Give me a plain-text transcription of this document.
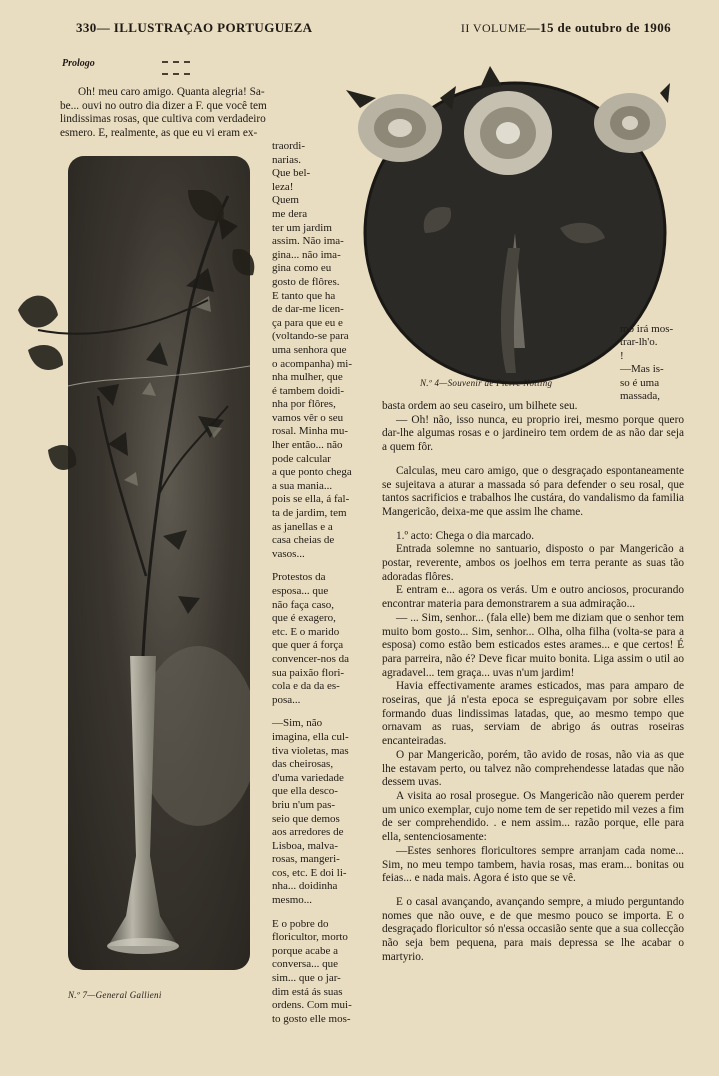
330— ILLUSTRAÇAO PORTUGUEZA	II VOLUME—15 de outubro de 1906
Prologo

Oh! meu caro amigo. Quanta alegria! Sa-

be... ouvi no outro dia dizer a F. que você tem

lindissimas rosas, que cultiva com verdadeiro

esmero. E, realmente, as que eu vi eram ex-

N.º 7—General Gallieni

traordi-

narias.

Que bel-

leza!

Quem

me dera

ter um jardim

assim. Não ima-

gina... não ima-

gina como eu

gosto de flôres.

E tanto que ha

de dar-me licen-

ça para que eu e

(voltando-se para

uma senhora que

o acompanha) mi-

nha mulher, que

é tambem doidi-

nha por flôres,

vamos vêr o seu

rosal. Minha mu-

lher então... não

pode calcular

a que ponto chega

a sua mania...

pois se ella, á fal-

ta de jardim, tem

as janellas e a

casa cheias de

vasos...

Protestos da

esposa... que

não faça caso,

que é exagero,

etc. E o marido

que quer á força

convencer-nos da

sua paixão flori-

cola e da da es-

posa...

—Sim, não

imagina, ella cul-

tiva violetas, mas

das cheirosas,

d'uma variedade

que ella desco-

briu n'um pas-

seio que demos

aos arredores de

Lisboa, malva-

rosas, mangeri-

cos, etc. E doi li-

nha... doidinha

mesmo...

E o pobre do

floricultor, morto

porque acabe a

conversa... que

sim... que o jar-

dim está ás suas

ordens. Com mui-

to gosto elle mos-

N.º 4—Souvenir de Pierre Notting

mo irá mos-

trar-lh'o.

!

—Mas is-

so é uma

massada,

basta ordem ao seu caseiro, um bilhete seu.

— Oh! não, isso nunca, eu proprio irei, mesmo porque quero dar-lhe algumas rosas e o jardineiro tem ordem de as não dar seja a quem fôr.

Calculas, meu caro amigo, que o desgraçado espontaneamente se sujeitava a aturar a massada só para defender o seu rosal, que tantos sacrificios e trabalhos lhe custára, do vandalismo da familia Mangericão, deixa-me que assim lhe chame.

1.º acto: Chega o dia marcado.

Entrada solemne no santuario, disposto o par Mangericão a postar, reverente, ambos os joelhos em terra perante as suas tão adoradas flôres.

E entram e... agora os verás. Um e outro anciosos, procurando encontrar materia para demonstrarem a sua admiração...

— ... Sim, senhor... (fala elle) bem me diziam que o senhor tem muito bom gosto... Sim, senhor... Olha, olha filha (volta-se para a esposa) como estão bem esticados estes arames... e que certos! É para parreira, não é? Deve ficar muito bonita. Liga assim o util ao agradavel... tem graça... uvas n'um jardim!

Havia effectivamente arames esticados, mas para amparo de roseiras, que já n'esta epoca se espreguiçavam por sobre elles formando duas lindissimas latadas, que, ao mesmo tempo que ornavam as ruas, serviam de abrigo ás outras roseiras encanteiradas.

O par Mangericão, porém, tão avido de rosas, não via as que lhe estavam perto, ou talvez não comprehendesse latadas que não dessem uvas.

A visita ao rosal prosegue. Os Mangericão não querem perder um unico exemplar, cujo nome tem de ser repetido mil vezes a fim de ser comprehendido. . e nem assim... razão porque, elle para ella, sentenciosamente:

—Estes senhores floricultores sempre arranjam cada nome... Sim, no meu tempo tambem, havia rosas, mas eram... bonitas ou feias... e nada mais. Agora é isto que se vê.

E o casal avançando, avançando sempre, a miudo perguntando nomes que não ouve, e de que mesmo pouco se importa. E o desgraçado floricultor só n'essa occasião sente que a sua collecção não seja bem pequena, para mais depressa se lhe acabar o martyrio.
